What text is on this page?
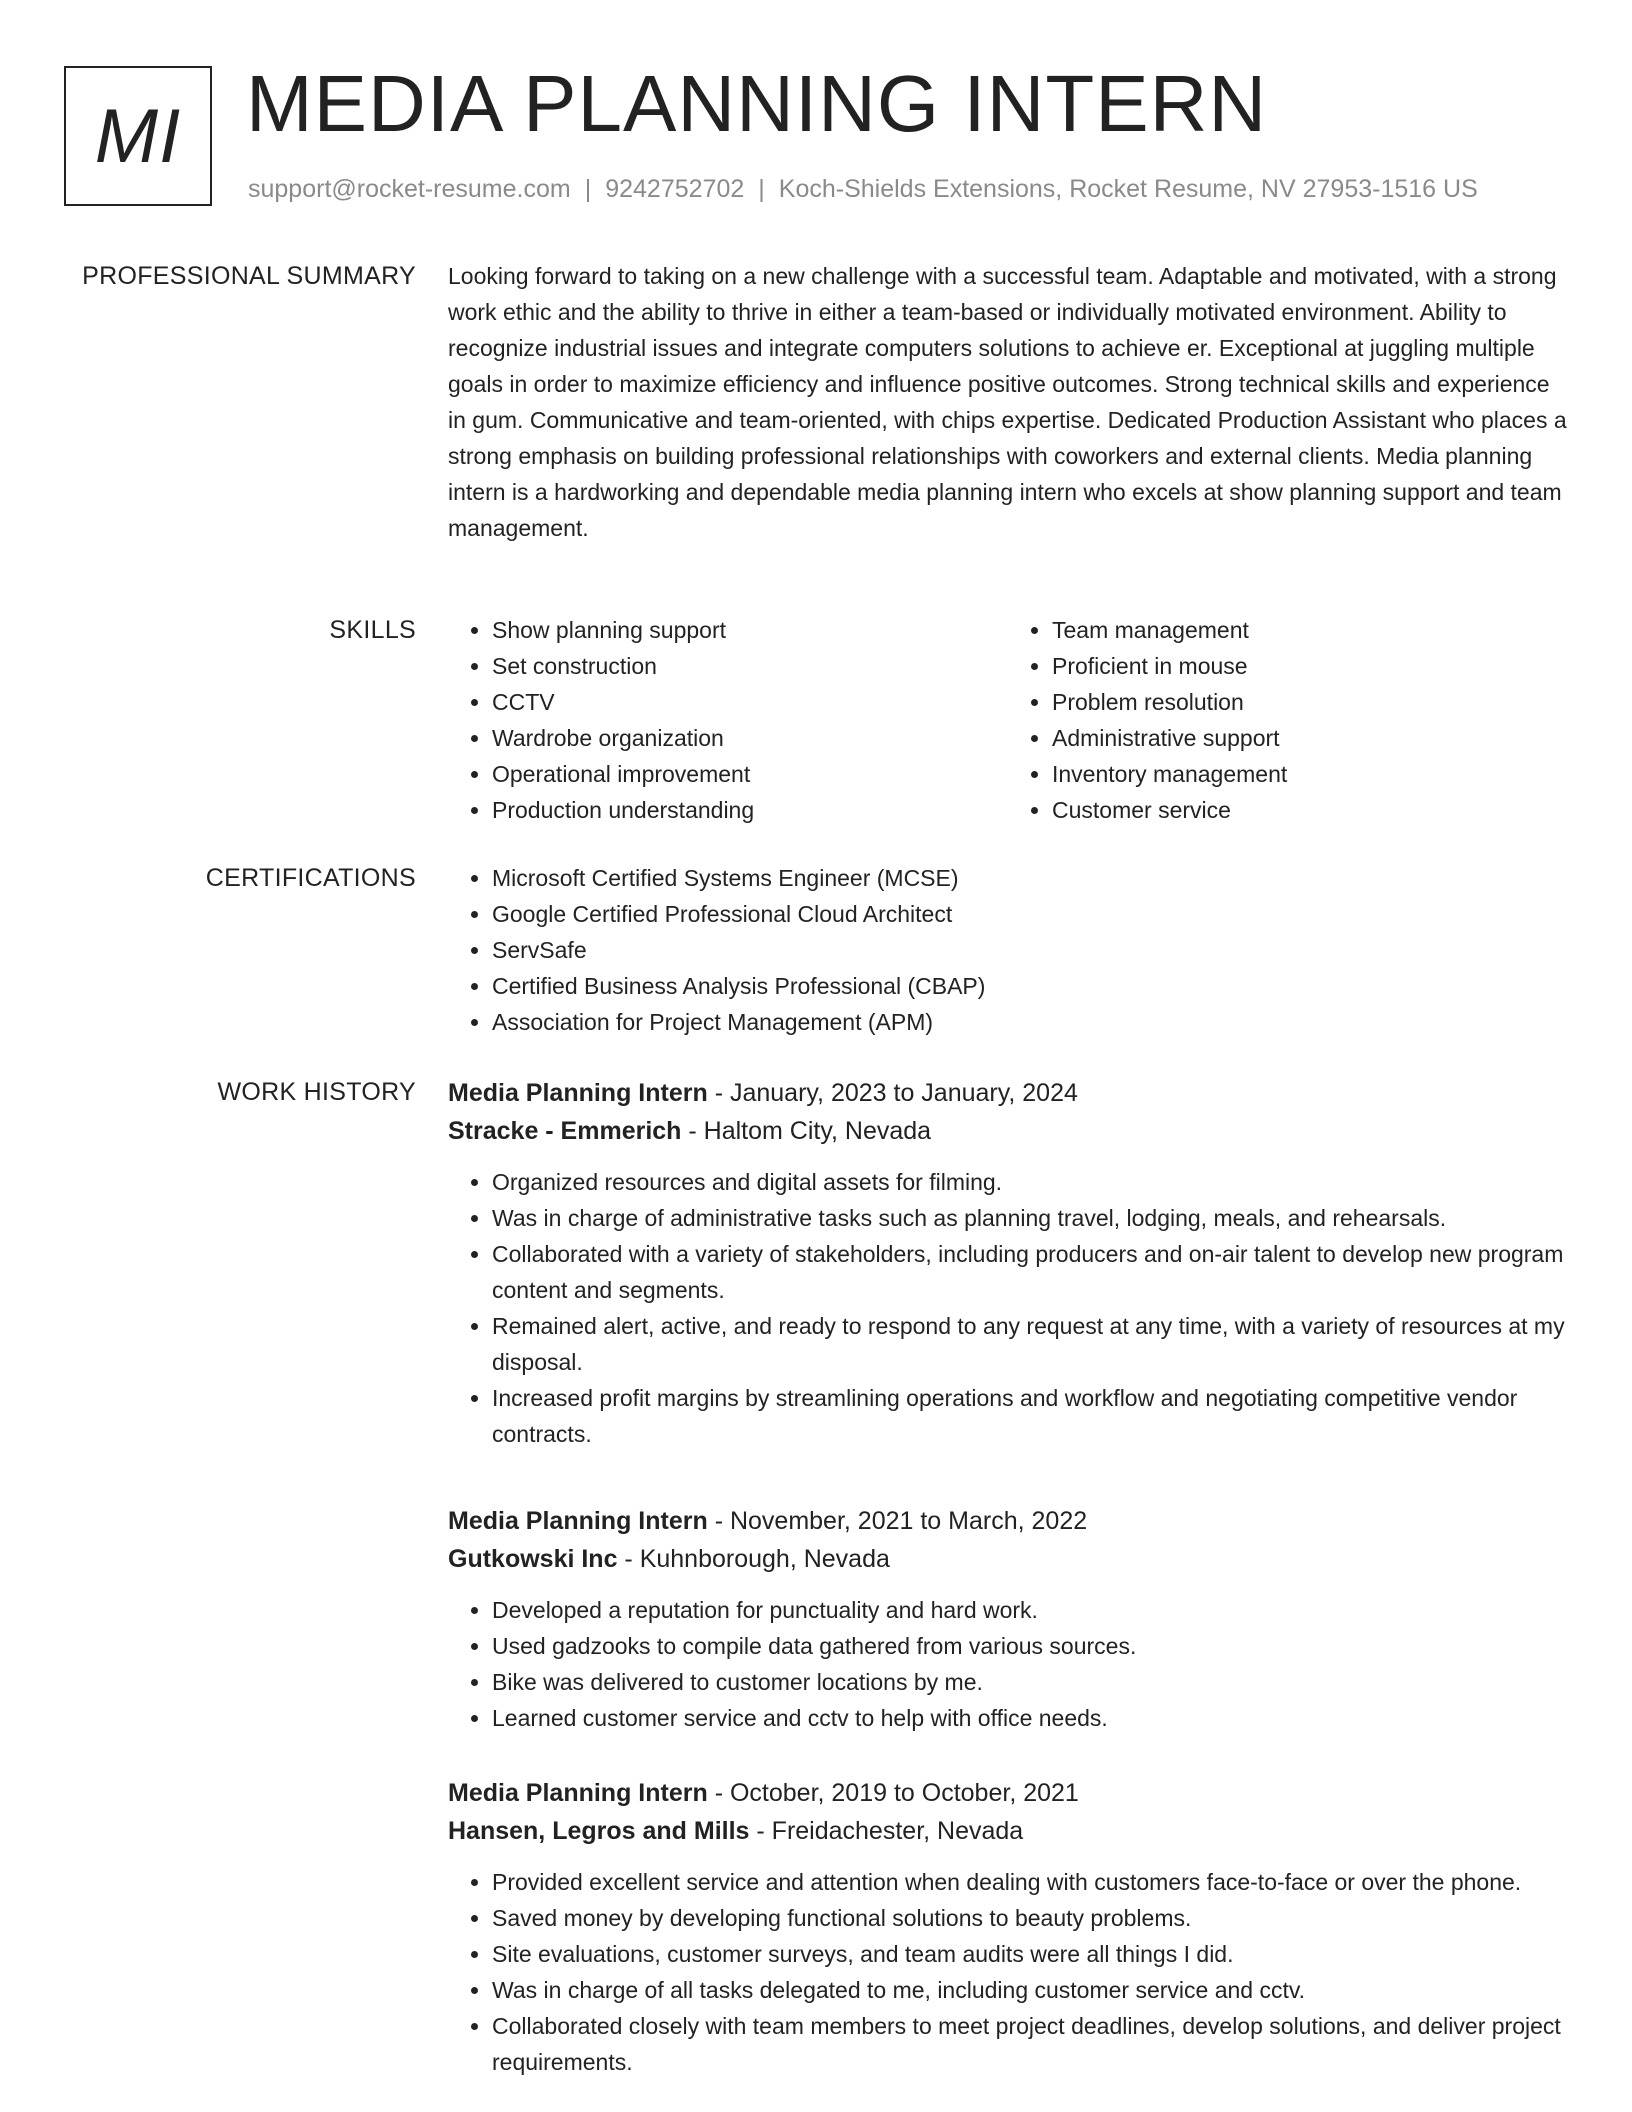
MI MEDIA PLANNING INTERN
support@rocket-resume.com | 9242752702 | Koch-Shields Extensions, Rocket Resume, NV 27953-1516 US
PROFESSIONAL SUMMARY Looking forward to taking on a new challenge with a successful team. Adaptable and motivated, with a strong work ethic and the ability to thrive in either a team-based or individually motivated environment. Ability to recognize industrial issues and integrate computers solutions to achieve er. Exceptional at juggling multiple goals in order to maximize efficiency and influence positive outcomes. Strong technical skills and experience in gum. Communicative and team-oriented, with chips expertise. Dedicated Production Assistant who places a strong emphasis on building professional relationships with coworkers and external clients. Media planning intern is a hardworking and dependable media planning intern who excels at show planning support and team management.

SKILLS	• Show planning support
• Set construction
• CCTV
• Wardrobe organization
• Operational improvement
• Production understanding
• Team management
• Proficient in mouse
• Problem resolution
• Administrative support
• Inventory management
• Customer service
CERTIFICATIONS	• Microsoft Certified Systems Engineer (MCSE)
• Google Certified Professional Cloud Architect
• ServSafe
• Certified Business Analysis Professional (CBAP)
• Association for Project Management (APM)
WORK HISTORY Media Planning Intern - January, 2023 to January, 2024
Stracke - Emmerich - Haltom City, Nevada
• Organized resources and digital assets for filming.
• Was in charge of administrative tasks such as planning travel, lodging, meals, and rehearsals.
• Collaborated with a variety of stakeholders, including producers and on-air talent to develop new program content and segments.
• Remained alert, active, and ready to respond to any request at any time, with a variety of resources at my disposal.
• Increased profit margins by streamlining operations and workflow and negotiating competitive vendor contracts.
Media Planning Intern - November, 2021 to March, 2022
Gutkowski Inc - Kuhnborough, Nevada
• Developed a reputation for punctuality and hard work.
• Used gadzooks to compile data gathered from various sources.
• Bike was delivered to customer locations by me.
• Learned customer service and cctv to help with office needs.
Media Planning Intern - October, 2019 to October, 2021
Hansen, Legros and Mills - Freidachester, Nevada
• Provided excellent service and attention when dealing with customers face-to-face or over the phone.
• Saved money by developing functional solutions to beauty problems.
• Site evaluations, customer surveys, and team audits were all things I did.
• Was in charge of all tasks delegated to me, including customer service and cctv.
• Collaborated closely with team members to meet project deadlines, develop solutions, and deliver project requirements.
